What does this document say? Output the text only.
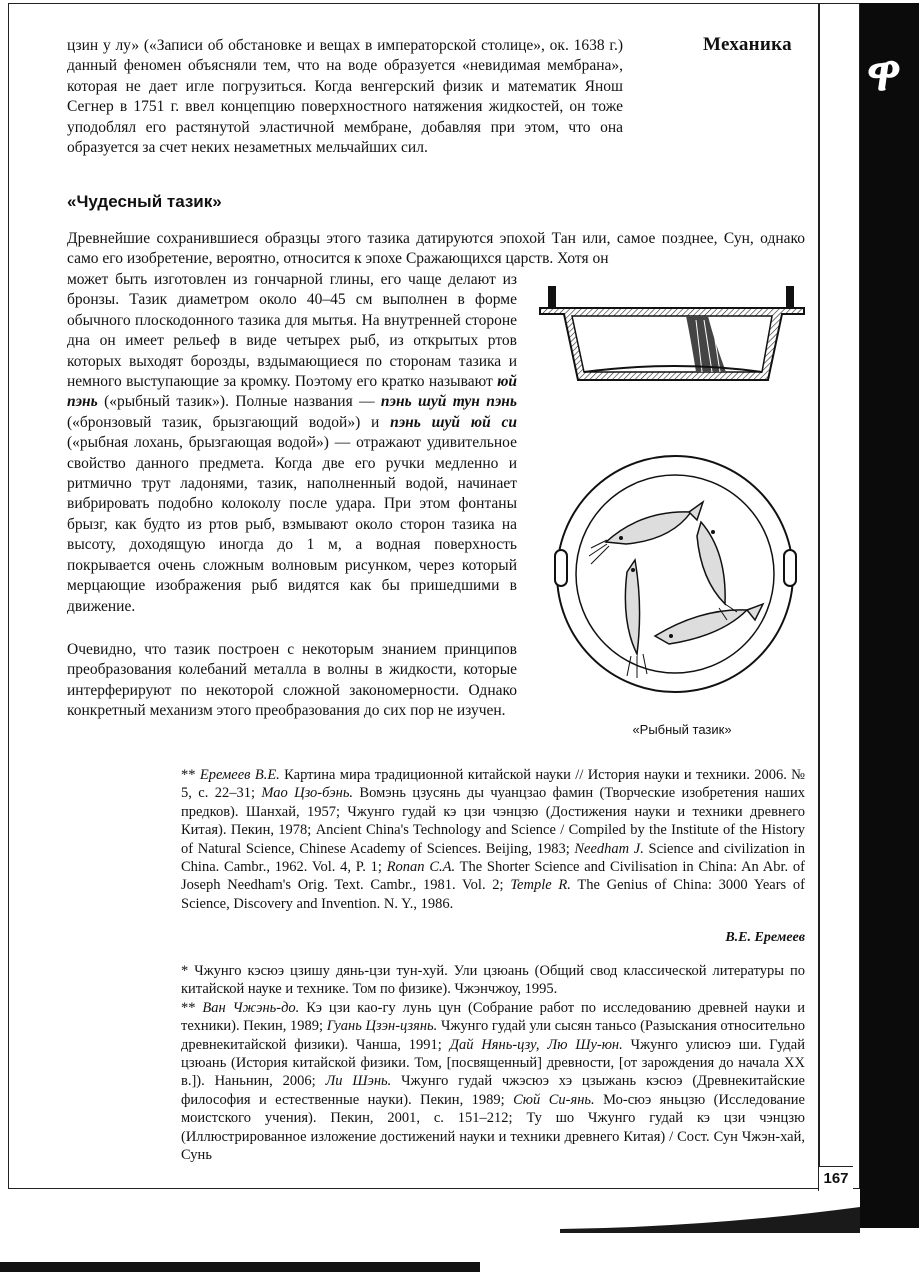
ዋ
Механика
цзин у лу» («Записи об обстановке и вещах в императорской столице», ок. 1638 г.) данный феномен объясняли тем, что на воде образуется «невидимая мембрана», которая не дает игле погрузиться. Когда венгерский физик и математик Янош Сегнер в 1751 г. ввел концепцию поверхностного натяжения жидкостей, он тоже уподоблял его растянутой эластичной мембране, добавляя при этом, что она образуется за счет неких незаметных мельчайших сил.
«Чудесный тазик»
Древнейшие сохранившиеся образцы этого тазика датируются эпохой Тан или, самое позднее, Сун, однако само его изобретение, вероятно, относится к эпохе Сражающихся царств. Хотя он
может быть изготовлен из гончарной глины, его чаще делают из бронзы. Тазик диаметром около 40–45 см выполнен в форме обычного плоскодонного тазика для мытья. На внутренней стороне дна он имеет рельеф в виде четырех рыб, из открытых ртов которых выходят борозды, вздымающиеся по сторонам тазика и немного выступающие за кромку. Поэтому его кратко называют юй пэнь («рыбный тазик»). Полные названия — пэнь шуй тун пэнь («бронзовый тазик, брызгающий водой») и пэнь шуй юй си («рыбная лохань, брызгающая водой») — отражают удивительное свойство данного предмета. Когда две его ручки медленно и ритмично трут ладонями, тазик, наполненный водой, начинает вибрировать подобно колоколу после удара. При этом фонтаны брызг, как будто из ртов рыб, взмывают около сторон тазика на высоту, доходящую иногда до 1 м, а водная поверхность покрывается очень сложным волновым рисунком, через который мерцающие изображения рыб видятся как бы пришедшими в движение.
Очевидно, что тазик построен с некоторым знанием принципов преобразования колебаний металла в волны в жидкости, которые интерферируют по некоторой сложной закономерности. Однако конкретный механизм этого преобразования до сих пор не изучен.
«Рыбный тазик»
** Еремеев В.Е. Картина мира традиционной китайской науки // История науки и техники. 2006. № 5, с. 22–31; Мао Цзо-бэнь. Вомэнь цзусянь ды чуанцзао фамин (Творческие изобретения наших предков). Шанхай, 1957; Чжунго гудай кэ цзи чэнцзю (Достижения науки и техники древнего Китая). Пекин, 1978; Ancient China's Technology and Science / Compiled by the Institute of the History of Natural Science, Chinese Academy of Sciences. Beijing, 1983; Needham J. Science and civilization in China. Cambr., 1962. Vol. 4, P. 1; Ronan C.A. The Shorter Science and Civilisation in China: An Abr. of Joseph Needham's Orig. Text. Cambr., 1981. Vol. 2; Temple R. The Genius of China: 3000 Years of Science, Discovery and Invention. N. Y., 1986.
В.Е. Еремеев
* Чжунго кэсюэ цзишу дянь-цзи тун-хуй. Ули цзюань (Общий свод классической литературы по китайской науке и технике. Том по физике). Чжэнчжоу, 1995.
** Ван Чжэнь-до. Кэ цзи као-гу лунь цун (Собрание работ по исследованию древней науки и техники). Пекин, 1989; Гуань Цзэн-цзянь. Чжунго гудай ули сысян таньсо (Разыскания относительно древнекитайской физики). Чанша, 1991; Дай Нянь-цзу, Лю Шу-юн. Чжунго улисюэ ши. Гудай цзюань (История китайской физики. Том, [посвященный] древности, [от зарождения до начала XX в.]). Наньнин, 2006; Ли Шэнь. Чжунго гудай чжэсюэ хэ цзыжань кэсюэ (Древнекитайские философия и естественные науки). Пекин, 1989; Сюй Си-янь. Мо-сюэ яньцзю (Исследование моистского учения). Пекин, 2001, с. 151–212; Ту шо Чжунго гудай кэ цзи чэнцзю (Иллюстрированное изложение достижений науки и техники древнего Китая) / Сост. Сун Чжэн-хай, Сунь
167
